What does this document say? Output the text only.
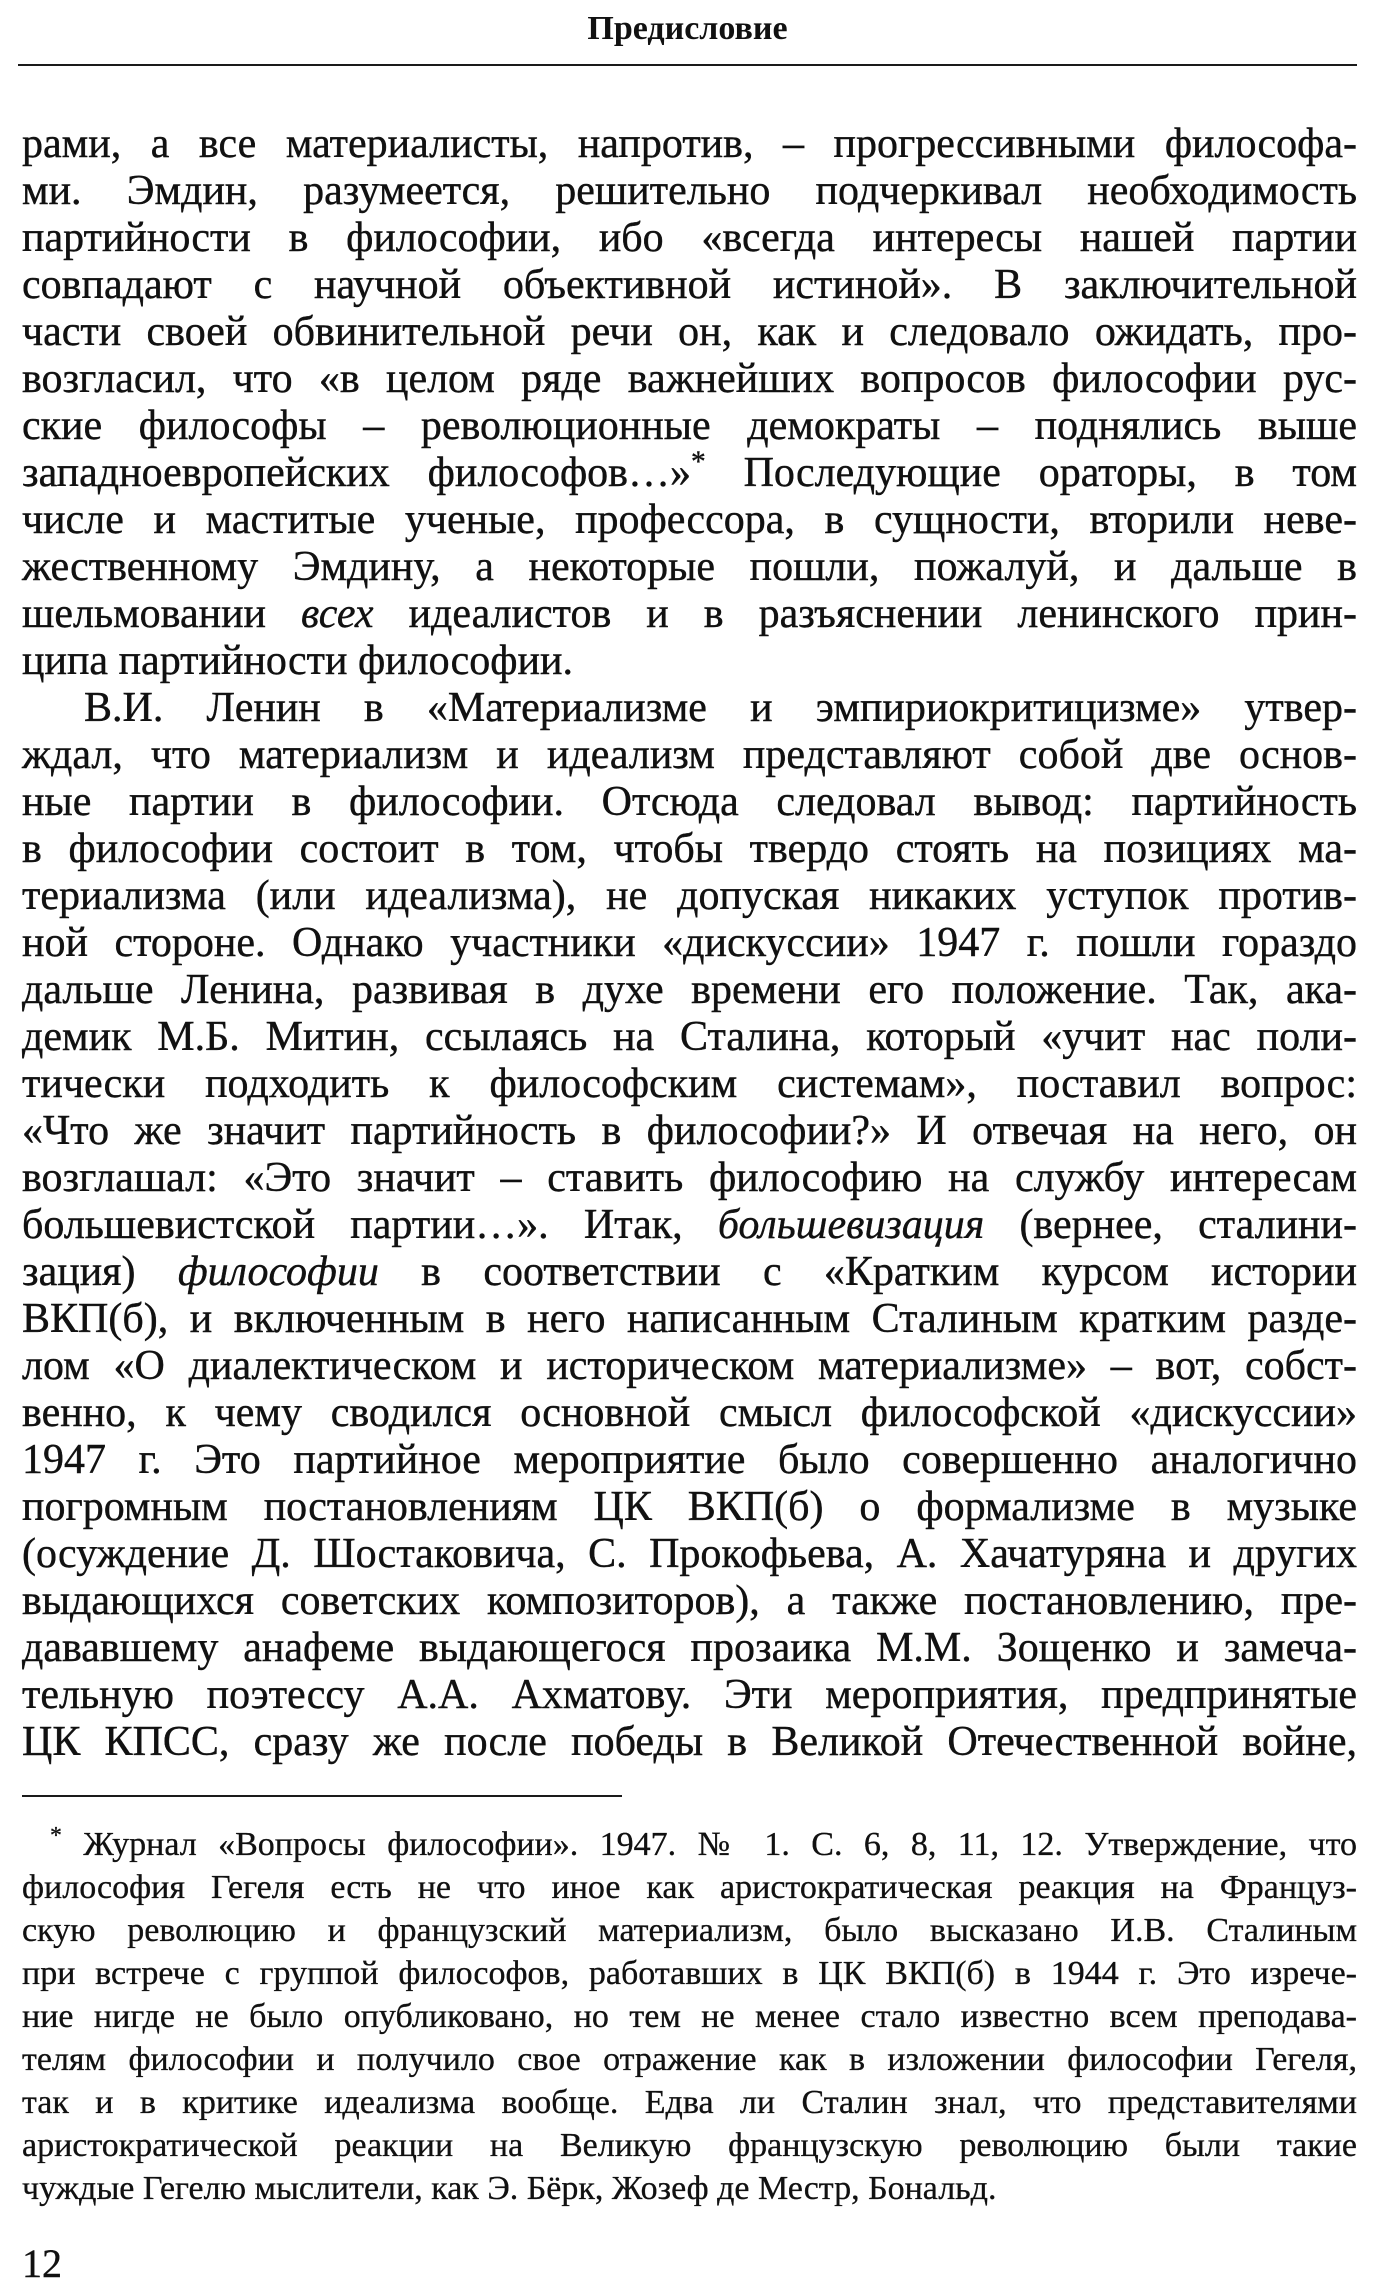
Предисловие
рами, а все материалисты, напротив, – прогрессивными философа-
ми. Эмдин, разумеется, решительно подчеркивал необходимость
партийности в философии, ибо «всегда интересы нашей партии
совпадают с научной объективной истиной». В заключительной
части своей обвинительной речи он, как и следовало ожидать, про-
возгласил, что «в целом ряде важнейших вопросов философии рус-
ские философы – революционные демократы – поднялись выше
западноевропейских философов…»* Последующие ораторы, в том
числе и маститые ученые, профессора, в сущности, вторили неве-
жественному Эмдину, а некоторые пошли, пожалуй, и дальше в
шельмовании всех идеалистов и в разъяснении ленинского прин-
ципа партийности философии.
В.И. Ленин в «Материализме и эмпириокритицизме» утвер-
ждал, что материализм и идеализм представляют собой две основ-
ные партии в философии. Отсюда следовал вывод: партийность
в философии состоит в том, чтобы твердо стоять на позициях ма-
териализма (или идеализма), не допуская никаких уступок против-
ной стороне. Однако участники «дискуссии» 1947 г. пошли гораздо
дальше Ленина, развивая в духе времени его положение. Так, ака-
демик М.Б. Митин, ссылаясь на Сталина, который «учит нас поли-
тически подходить к философским системам», поставил вопрос:
«Что же значит партийность в философии?» И отвечая на него, он
возглашал: «Это значит – ставить философию на службу интересам
большевистской партии…». Итак, большевизация (вернее, сталини-
зация) философии в соответствии с «Кратким курсом истории
ВКП(б), и включенным в него написанным Сталиным кратким разде-
лом «О диалектическом и историческом материализме» – вот, собст-
венно, к чему сводился основной смысл философской «дискуссии»
1947 г. Это партийное мероприятие было совершенно аналогично
погромным постановлениям ЦК ВКП(б) о формализме в музыке
(осуждение Д. Шостаковича, С. Прокофьева, А. Хачатуряна и других
выдающихся советских композиторов), а также постановлению, пре-
дававшему анафеме выдающегося прозаика М.М. Зощенко и замеча-
тельную поэтессу А.А. Ахматову. Эти мероприятия, предпринятые
ЦК КПСС, сразу же после победы в Великой Отечественной войне,
* Журнал «Вопросы философии». 1947. № 1. С. 6, 8, 11, 12. Утверждение, что
философия Гегеля есть не что иное как аристократическая реакция на Француз-
скую революцию и французский материализм, было высказано И.В. Сталиным
при встрече с группой философов, работавших в ЦК ВКП(б) в 1944 г. Это изрече-
ние нигде не было опубликовано, но тем не менее стало известно всем преподава-
телям философии и получило свое отражение как в изложении философии Гегеля,
так и в критике идеализма вообще. Едва ли Сталин знал, что представителями
аристократической реакции на Великую французскую революцию были такие
чуждые Гегелю мыслители, как Э. Бёрк, Жозеф де Местр, Бональд.
12
